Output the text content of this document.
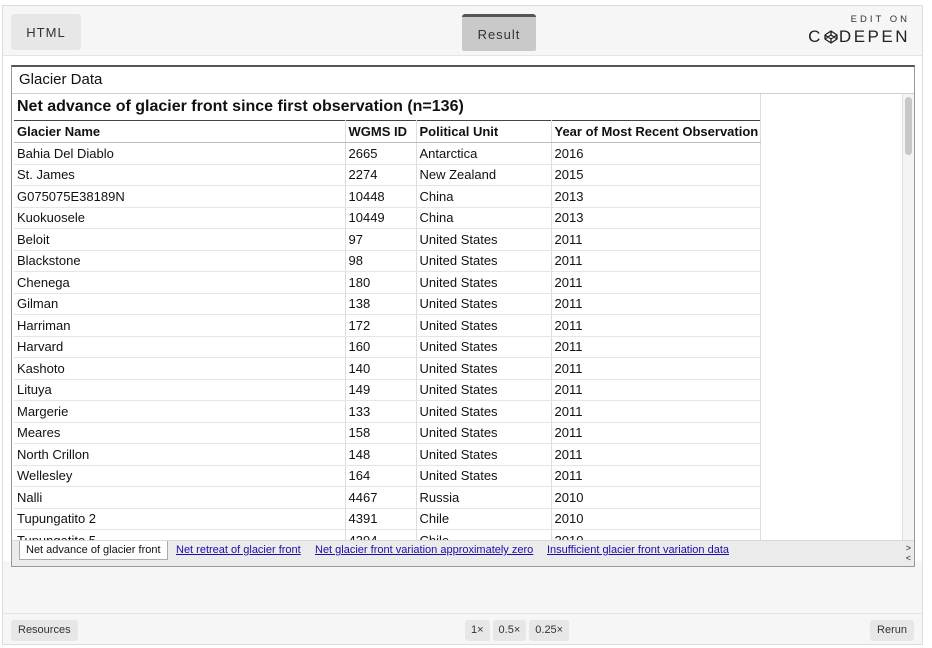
HTML	Result
EDIT ON
C DEPEN
Glacier Data
Net advance of glacier front since first observation (n=136)
Glacier Name	WGMS ID	Political Unit	Year of Most Recent Observation
Bahia Del Diablo	2665	Antarctica	2016
St. James	2274	New Zealand	2015
G075075E38189N	10448	China	2013
Kuokuosele	10449	China	2013
Beloit	97	United States	2011
Blackstone	98	United States	2011
Chenega	180	United States	2011
Gilman	138	United States	2011
Harriman	172	United States	2011
Harvard	160	United States	2011
Kashoto	140	United States	2011
Lituya	149	United States	2011
Margerie	133	United States	2011
Meares	158	United States	2011
North Crillon	148	United States	2011
Wellesley	164	United States	2011
Nalli	4467	Russia	2010
Tupungatito 2	4391	Chile	2010

Net advance of glacier front	Net retreat of glacier front Net glacier front variation approximately zero Insufficient glacier front variation data	>
<
Resources	1×	0.5×	0.25×	Rerun
